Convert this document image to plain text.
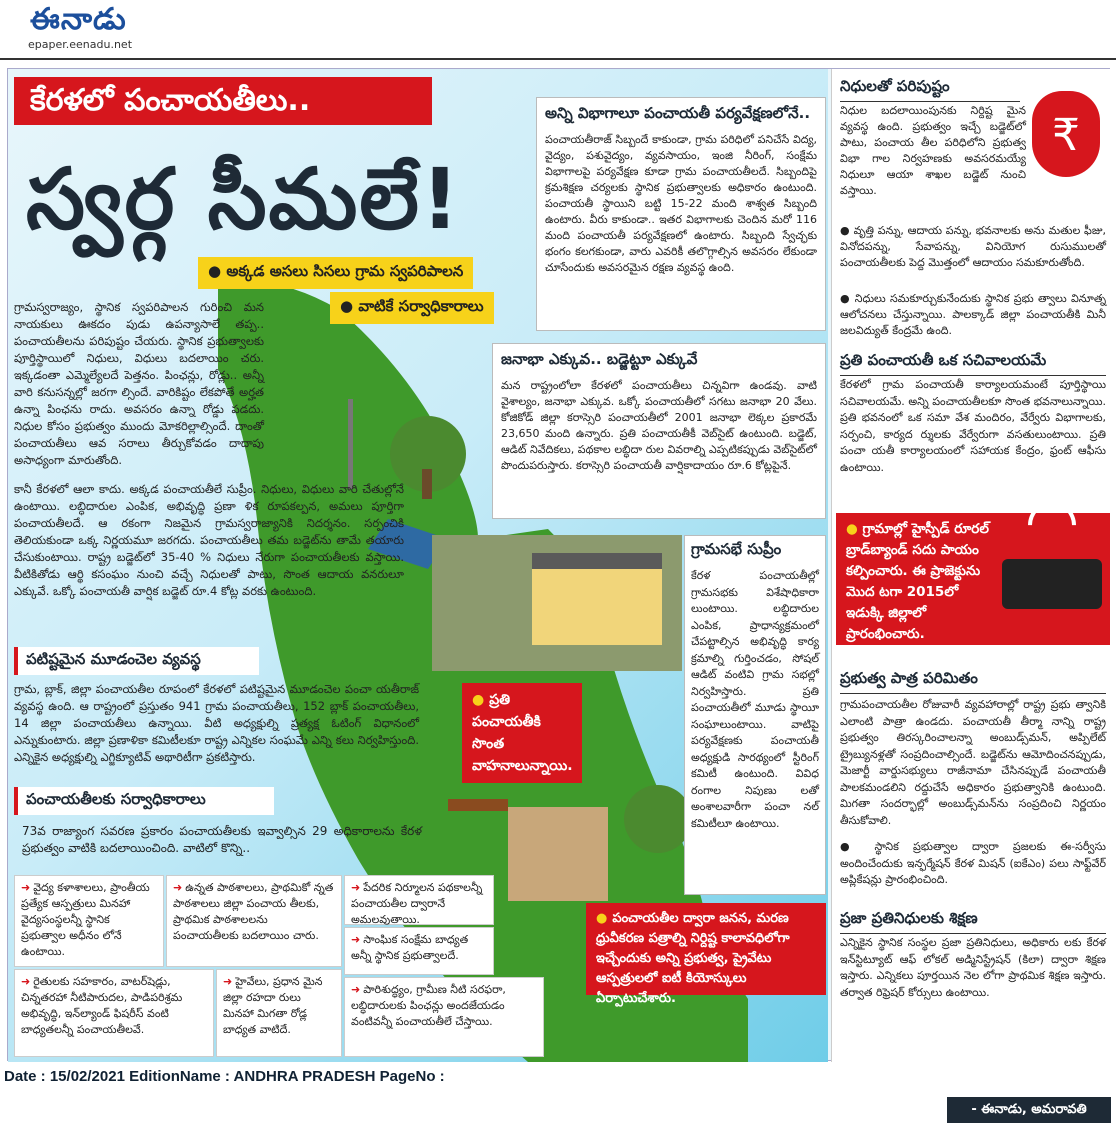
ఈనాడు
epaper.eenadu.net
కేరళలో పంచాయతీలు..
స్వర్గ సీమలే!
● అక్కడ అసలు సిసలు గ్రామ స్వపరిపాలన
● వాటికే సర్వాధికారాలు
గ్రామస్వరాజ్యం, స్థానిక స్వపరిపాలన గురించి మన నాయకులు ఊకదం పుడు ఉపన్యాసాలే తప్ప.. పంచాయతీలను పరిపుష్టం చేయరు. స్థానిక ప్రభుత్వాలకు పూర్తిస్థాయిలో నిధులు, విధులు బదలాయిం చరు. ఇక్కడంతా ఎమ్మెల్యేలదే పెత్తనం. పింఛన్లు, రోడ్లు.. అన్నీ వారి కనుసన్నల్లో జరగా ల్సిందే. వారికిష్టం లేకపోతే అర్హత ఉన్నా పింఛను రాదు. అవసరం ఉన్నా రోడ్డు పడదు. నిధుల కోసం ప్రభుత్వం ముందు మోకరిల్లాల్సిందే. దాంతో పంచాయతీలు ఆవ సరాలు తీర్చుకోవడం దాదాపు అసాధ్యంగా మారుతోంది.
కానీ కేరళలో ఆలా కాదు. అక్కడ పంచాయతీలే సుప్రీం. నిధులు, విధులు వారి చేతుల్లోనే ఉంటాయి. లబ్ధిదారుల ఎంపిక, అభివృద్ధి ప్రణా ళిక రూపకల్పన, అమలు పూర్తిగా పంచాయతీలదే. ఆ రకంగా నిజమైన గ్రామస్వరాజ్యానికి నిదర్శనం. సర్పంచికి తెలియకుండా ఒక్క నిర్ణయమూ జరగదు. పంచాయతీలు తమ బడ్జెట్‌ను తామే తయారు చేసుకుంటాయి. రాష్ట్ర బడ్జెట్‌లో 35-40 % నిధులు నేరుగా పంచాయతీలకు వస్తాయి. వీటికితోడు ఆర్థి కసంఘం నుంచి వచ్చే నిధులతో పాటు, సొంత ఆదాయ వనరులూ ఎక్కువే. ఒక్కో పంచాయతీ వార్షిక బడ్జెట్ రూ.4 కోట్ల వరకు ఉంటుంది.
పటిష్టమైన మూడంచెల వ్యవస్థ
గ్రామ, బ్లాక్, జిల్లా పంచాయతీల రూపంలో కేరళలో పటిష్టమైన మూడంచెల పంచా యతీరాజ్ వ్యవస్థ ఉంది. ఆ రాష్ట్రంలో ప్రస్తుతం 941 గ్రామ పంచాయతీలు, 152 బ్లాక్ పంచాయతీలు, 14 జిల్లా పంచాయతీలు ఉన్నాయి. వీటి అధ్యక్షుల్ని ప్రత్యక్ష ఓటింగ్ విధానంలో ఎన్నుకుంటారు. జిల్లా ప్రణాళికా కమిటీలకూ రాష్ట్ర ఎన్నికల సంఘమే ఎన్ని కలు నిర్వహిస్తుంది. ఎన్నికైన అధ్యక్షుల్ని ఎగ్జిక్యూటివ్ అథారిటీగా ప్రకటిస్తారు.
పంచాయతీలకు సర్వాధికారాలు
73వ రాజ్యాంగ సవరణ ప్రకారం పంచాయతీలకు ఇవ్వాల్సిన 29 అధికారాలను కేరళ ప్రభుత్వం వాటికి బదలాయించింది. వాటిలో కొన్ని..
➜ వైద్య కళాశాలలు, ప్రాంతీయ ప్రత్యేక ఆస్పత్రులు మినహా వైద్యసంస్థలన్నీ స్థానిక ప్రభుత్వాల అధీనం లోనే ఉంటాయి.
➜ ఉన్నత పాఠశాలలు, ప్రాథమికో న్నత పాఠశాలలు జిల్లా పంచాయ తీలకు, ప్రాథమిక పాఠశాలలను పంచాయతీలకు బదలాయిం చారు.
➜ పేదరిక నిర్మూలన పథకాలన్నీ పంచాయతీల ద్వారానే అమలవుతాయి.
➜ సాంఘిక సంక్షేమ బాధ్యత అన్నీ స్థానిక ప్రభుత్వాలదే.
➜ రైతులకు సహకారం, వాటర్‌షెడ్లు, చిన్నతరహా నీటిపారుదల, పాడిపరిశ్రమ అభివృద్ధి, ఇన్‌ల్యాండ్ ఫిషరీస్ వంటి బాధ్యతలన్నీ పంచాయతీలవే.
➜ హైవేలు, ప్రధాన మైన జిల్లా రహదా రులు మినహా మిగతా రోడ్ల బాధ్యత వాటిదే.
➜ పారిశుద్ధ్యం, గ్రామీణ నీటి సరఫరా, లబ్ధిదారులకు పింఛన్లు అందజేయడం వంటివన్నీ పంచాయతీలే చేస్తాయి.
అన్ని విభాగాలూ పంచాయతీ పర్యవేక్షణలోనే..
పంచాయతీరాజ్ సిబ్బందే కాకుండా, గ్రామ పరిధిలో పనిచేసే విద్య, వైద్యం, పశువైద్యం, వ్యవసాయం, ఇంజి నీరింగ్, సంక్షేమ విభాగాలపై పర్యవేక్షణ కూడా గ్రామ పంచాయతీలదే. సిబ్బందిపై క్రమశిక్షణ చర్యలకు స్థానిక ప్రభుత్వాలకు అధికారం ఉంటుంది. పంచాయతీ స్థాయిని బట్టి 15-22 మంది శాశ్వత సిబ్బంది ఉంటారు. వీరు కాకుండా.. ఇతర విభాగాలకు చెందిన మరో 116 మంది పంచాయతీ పర్యవేక్షణలో ఉంటారు. సిబ్బంది స్వేచ్ఛకు భంగం కలగకుండా, వారు ఎవరికీ తలొగ్గాల్సిన అవసరం లేకుండా చూసేందుకు అవసరమైన రక్షణ వ్యవస్థ ఉంది.
జనాభా ఎక్కువ.. బడ్జెట్టూ ఎక్కువే
మన రాష్ట్రంలోలా కేరళలో పంచాయతీలు చిన్నవిగా ఉండవు. వాటి వైశాల్యం, జనాభా ఎక్కువ. ఒక్కో పంచాయతీలో సగటు జనాభా 20 వేలు. కోజికోడ్ జిల్లా కరాస్సెరి పంచాయతీలో 2001 జనాభా లెక్కల ప్రకారమే 23,650 మంది ఉన్నారు. ప్రతి పంచాయతీకీ వెబ్‌సైట్ ఉంటుంది. బడ్జెట్, ఆడిట్ నివేదికలు, పథకాల లబ్ధిదా రుల వివరాల్ని ఎప్పటికప్పుడు వెబ్‌సైట్‌లో పొందుపరుస్తారు. కరాస్సెరి పంచాయతీ వార్షికాదాయం రూ.6 కోట్లపైనే.
గ్రామసభే సుప్రీం
కేరళ పంచాయతీల్లో గ్రామసభకు విశేషాధికారా లుంటాయి. లబ్ధిదారుల ఎంపిక, ప్రాధాన్యక్రమంలో చేపట్టాల్సిన అభివృద్ధి కార్య క్రమాల్ని గుర్తించడం, సోషల్ ఆడిట్ వంటివి గ్రామ సభల్లో నిర్వహిస్తారు. ప్రతి పంచాయతీలో మూడు స్థాయీ సంఘాలుంటాయి. వాటిపై పర్యవేక్షణకు పంచాయతీ అధ్యక్షుడి సారథ్యంలో స్టీరింగ్ కమిటీ ఉంటుంది. వివిధ రంగాల నిపుణు లతో అంశాలవారీగా పంచా నల్ కమిటీలూ ఉంటాయి.
● ప్రతి పంచాయతీకి సొంత వాహనాలున్నాయి.
● పంచాయతీల ద్వారా జనన, మరణ ధ్రువీకరణ పత్రాల్ని నిర్దిష్ట కాలావధిలోగా ఇచ్చేందుకు అన్ని ప్రభుత్వ, ప్రైవేటు ఆస్పత్రులలో ఐటీ కియోస్కులు ఏర్పాటుచేశారు.
నిధులతో పరిపుష్టం
₹
నిధుల బదలాయింపునకు నిర్దిష్ట మైన వ్యవస్థ ఉంది. ప్రభుత్వం ఇచ్చే బడ్జెట్‌లో పాటు, పంచాయ తీల పరిధిలోని ప్రభుత్వ విభా గాల నిర్వహణకు అవసరమయ్యే నిధులూ ఆయా శాఖల బడ్జెట్ నుంచి వస్తాయి.
● వృత్తి పన్ను, ఆదాయ పన్ను, భవనాలకు అను మతుల ఫీజు, వినోదపన్ను, సేవాపన్ను, వినియోగ రుసుములతో పంచాయతీలకు పెద్ద మొత్తంలో ఆదాయం సమకూరుతోంది.
● నిధులు సమకూర్చుకునేందుకు స్థానిక ప్రభు త్వాలు వినూత్న ఆలోచనలు చేస్తున్నాయి. పాలక్కాడ్ జిల్లా పంచాయతీకి మినీ జలవిద్యుత్ కేంద్రమే ఉంది.
ప్రతి పంచాయతీ ఒక సచివాలయమే
కేరళలో గ్రామ పంచాయతీ కార్యాలయమంటే పూర్తిస్థాయి సచివాలయమే. అన్ని పంచాయతీలకూ సొంత భవనాలున్నాయి. ప్రతి భవనంలో ఒక సమా వేశ మందిరం, వేర్వేరు విభాగాలకు, సర్పంచి, కార్యద ర్శులకు వేర్వేరుగా వసతులుంటాయి. ప్రతి పంచా యతీ కార్యాలయంలో సహాయక కేంద్రం, ఫ్రంట్ ఆఫీసు ఉంటాయి.
● గ్రామాల్లో హైస్పీడ్ రూరల్ బ్రాడ్‌బ్యాండ్ సదు పాయం కల్పించారు. ఈ ప్రాజెక్టును మొద టగా 2015లో ఇడుక్కి జిల్లాలో ప్రారంభించారు.
ప్రభుత్వ పాత్ర పరిమితం
గ్రామపంచాయతీల రోజువారీ వ్యవహారాల్లో రాష్ట్ర ప్రభు త్వానికి ఎలాంటి పాత్రా ఉండదు. పంచాయతీ తీర్మా నాన్ని రాష్ట్ర ప్రభుత్వం తిరస్కరించాలన్నా అంబుడ్స్‌మన్, అప్పిలేట్ ట్రైబ్యునళ్లతో సంప్రదించాల్సిందే. బడ్జెట్‌ను ఆమోదించనప్పుడు, మెజార్టీ వార్డుసభ్యులు రాజీనామా చేసినప్పుడే పంచాయతీ పాలకమండలిని రద్దుచేసే అధికారం ప్రభుత్వానికి ఉంటుంది. మిగతా సందర్భాల్లో అంబుడ్స్‌మన్‌ను సంప్రదించి నిర్ణయం తీసుకోవాలి.
● స్థానిక ప్రభుత్వాల ద్వారా ప్రజలకు ఈ-సర్వీసు అందించేందుకు ఇన్ఫర్మేషన్ కేరళ మిషన్ (ఐకేఎం) పలు సాఫ్ట్‌వేర్ అప్లికేషన్లు ప్రారంభించింది.
ప్రజా ప్రతినిధులకు శిక్షణ
ఎన్నికైన స్థానిక సంస్థల ప్రజా ప్రతినిధులు, అధికారు లకు కేరళ ఇన్‌స్టిట్యూట్ ఆఫ్ లోకల్ అడ్మినిస్ట్రేషన్ (కిలా) ద్వారా శిక్షణ ఇస్తారు. ఎన్నికలు పూర్తయిన నెల లోగా ప్రాథమిక శిక్షణ ఇస్తారు. తర్వాత రిఫ్రెషర్ కోర్సులు ఉంటాయి.
- ఈనాడు, అమరావతి
Date : 15/02/2021 EditionName : ANDHRA PRADESH PageNo :
